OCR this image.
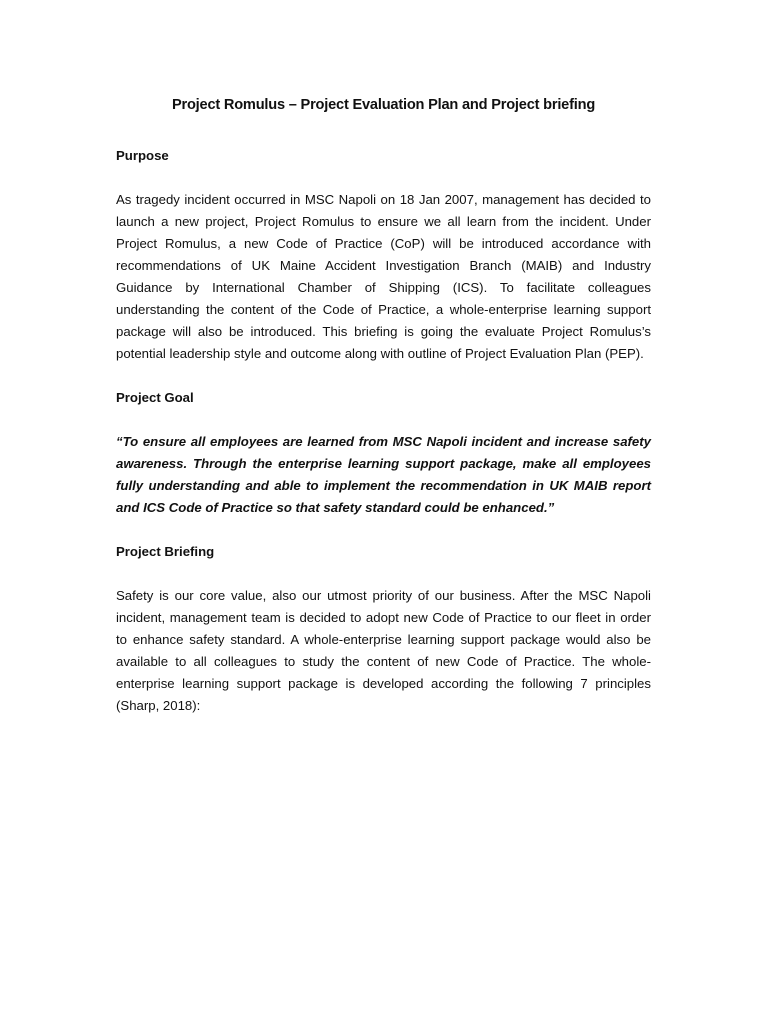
Project Romulus – Project Evaluation Plan and Project briefing
Purpose

As tragedy incident occurred in MSC Napoli on 18 Jan 2007, management has decided to launch a new project, Project Romulus to ensure we all learn from the incident. Under Project Romulus, a new Code of Practice (CoP) will be introduced accordance with recommendations of UK Maine Accident Investigation Branch (MAIB) and Industry Guidance by International Chamber of Shipping (ICS). To facilitate colleagues understanding the content of the Code of Practice, a whole-enterprise learning support package will also be introduced. This briefing is going the evaluate Project Romulus’s potential leadership style and outcome along with outline of Project Evaluation Plan (PEP).

Project Goal

“To ensure all employees are learned from MSC Napoli incident and increase safety awareness. Through the enterprise learning support package, make all employees fully understanding and able to implement the recommendation in UK MAIB report and ICS Code of Practice so that safety standard could be enhanced.”

Project Briefing

Safety is our core value, also our utmost priority of our business. After the MSC Napoli incident, management team is decided to adopt new Code of Practice to our fleet in order to enhance safety standard. A whole-enterprise learning support package would also be available to all colleagues to study the content of new Code of Practice. The whole-enterprise learning support package is developed according the following 7 principles (Sharp, 2018):
